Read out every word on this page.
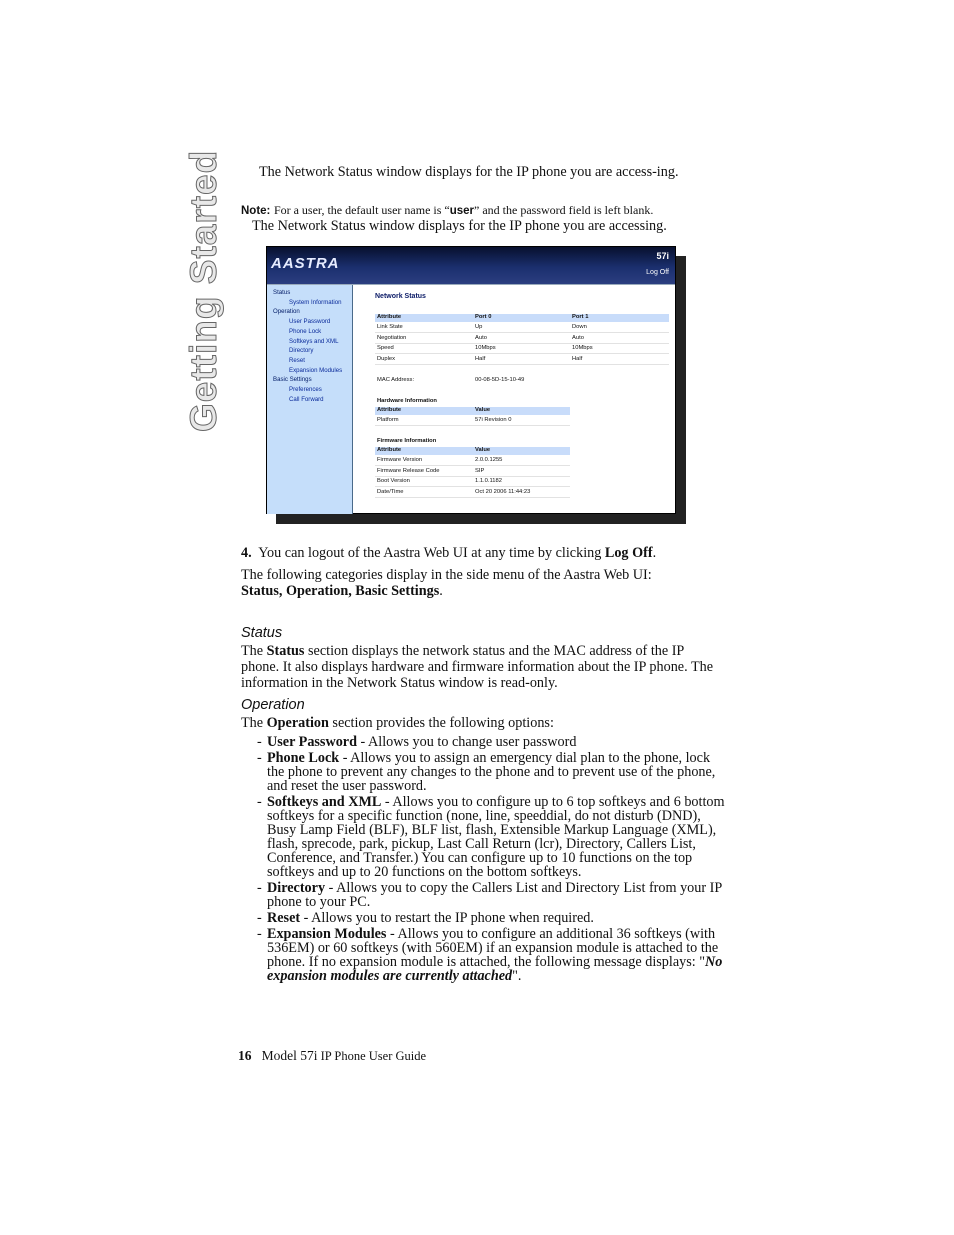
Getting Started The Network Status window displays for the IP phone you are access-ing.

Note: For a user, the default user name is “user” and the password field is left blank.

The Network Status window displays for the IP phone you are accessing.

AASTRA	57i
Log Off
Status
System Information
Operation
User Password
Phone Lock
Softkeys and XML
Directory
Reset
Expansion Modules
Basic Settings
Preferences
Call Forward
Network Status
Attribute	Port 0	Port 1
Link State	Up	Down
Negotiation	Auto	Auto
Speed	10Mbps	10Mbps
Duplex	Half	Half
MAC Address:	00-08-5D-15-10-49
Hardware Information
Attribute	Value
Platform	57i Revision 0
Firmware Information
Attribute	Value
Firmware Version	2.0.0.1255
Firmware Release Code	SIP
Boot Version	1.1.0.1182
Date/Time	Oct 20 2006 11:44:23

4. You can logout of the Aastra Web UI at any time by clicking Log Off.

The following categories display in the side menu of the Aastra Web UI:
Status, Operation, Basic Settings.

Status

The Status section displays the network status and the MAC address of the IP phone. It also displays hardware and firmware information about the IP phone. The information in the Network Status window is read-only.

Operation

The Operation section provides the following options:

- User Password - Allows you to change user password
- Phone Lock - Allows you to assign an emergency dial plan to the phone, lock the phone to prevent any changes to the phone and to prevent use of the phone, and reset the user password.
- Softkeys and XML - Allows you to configure up to 6 top softkeys and 6 bottom softkeys for a specific function (none, line, speeddial, do not disturb (DND), Busy Lamp Field (BLF), BLF list, flash, Extensible Markup Language (XML), flash, sprecode, park, pickup, Last Call Return (lcr), Directory, Callers List, Conference, and Transfer.) You can configure up to 10 functions on the top softkeys and up to 20 functions on the bottom softkeys.
- Directory - Allows you to copy the Callers List and Directory List from your IP phone to your PC.
- Reset - Allows you to restart the IP phone when required.
- Expansion Modules - Allows you to configure an additional 36 softkeys (with 536EM) or 60 softkeys (with 560EM) if an expansion module is attached to the phone. If no expansion module is attached, the following message displays: "No expansion modules are currently attached".

16 Model 57i IP Phone User Guide
